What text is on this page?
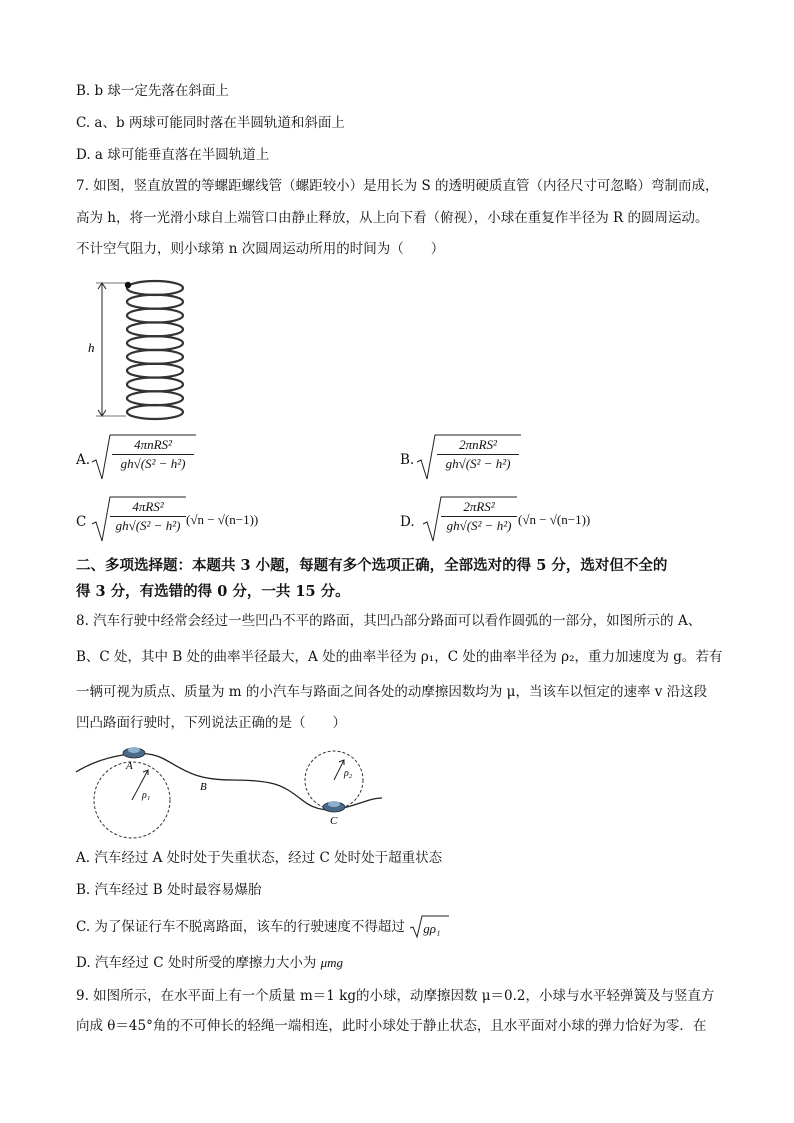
B. b 球一定先落在斜面上
C. a、b 两球可能同时落在半圆轨道和斜面上
D. a 球可能垂直落在半圆轨道上
7. 如图，竖直放置的等螺距螺线管（螺距较小）是用长为 S 的透明硬质直管（内径尺寸可忽略）弯制而成，
高为 h，将一光滑小球自上端管口由静止释放，从上向下看（俯视），小球在重复作半径为 R 的圆周运动。
不计空气阻力，则小球第 n 次圆周运动所用的时间为（　　）
h
A.
4πnRS²
gh√(S² − h²)	B.
2πnRS²
gh√(S² − h²)
C
4πRS²
gh√(S² − h²) (√n − √(n−1))	D.
2πRS²
gh√(S² − h²) (√n − √(n−1))
二、多项选择题：本题共 3 小题，每题有多个选项正确，全部选对的得 5 分，选对但不全的
得 3 分，有选错的得 0 分，一共 15 分。
8. 汽车行驶中经常会经过一些凹凸不平的路面，其凹凸部分路面可以看作圆弧的一部分，如图所示的 A、
B、C 处，其中 B 处的曲率半径最大，A 处的曲率半径为 ρ₁，C 处的曲率半径为 ρ₂，重力加速度为 g。若有
一辆可视为质点、质量为 m 的小汽车与路面之间各处的动摩擦因数均为 μ，当该车以恒定的速率 v 沿这段
凹凸路面行驶时，下列说法正确的是（　　）
A
B
C
ρ₁
ρ₂
A. 汽车经过 A 处时处于失重状态，经过 C 处时处于超重状态
B. 汽车经过 B 处时最容易爆胎
C. 为了保证行车不脱离路面，该车的行驶速度不得超过 gρ₁
D. 汽车经过 C 处时所受的摩擦力大小为 μmg
9. 如图所示，在水平面上有一个质量 m＝1 kg的小球，动摩擦因数 μ＝0.2，小球与水平轻弹簧及与竖直方
向成 θ＝45°角的不可伸长的轻绳一端相连，此时小球处于静止状态，且水平面对小球的弹力恰好为零．在
